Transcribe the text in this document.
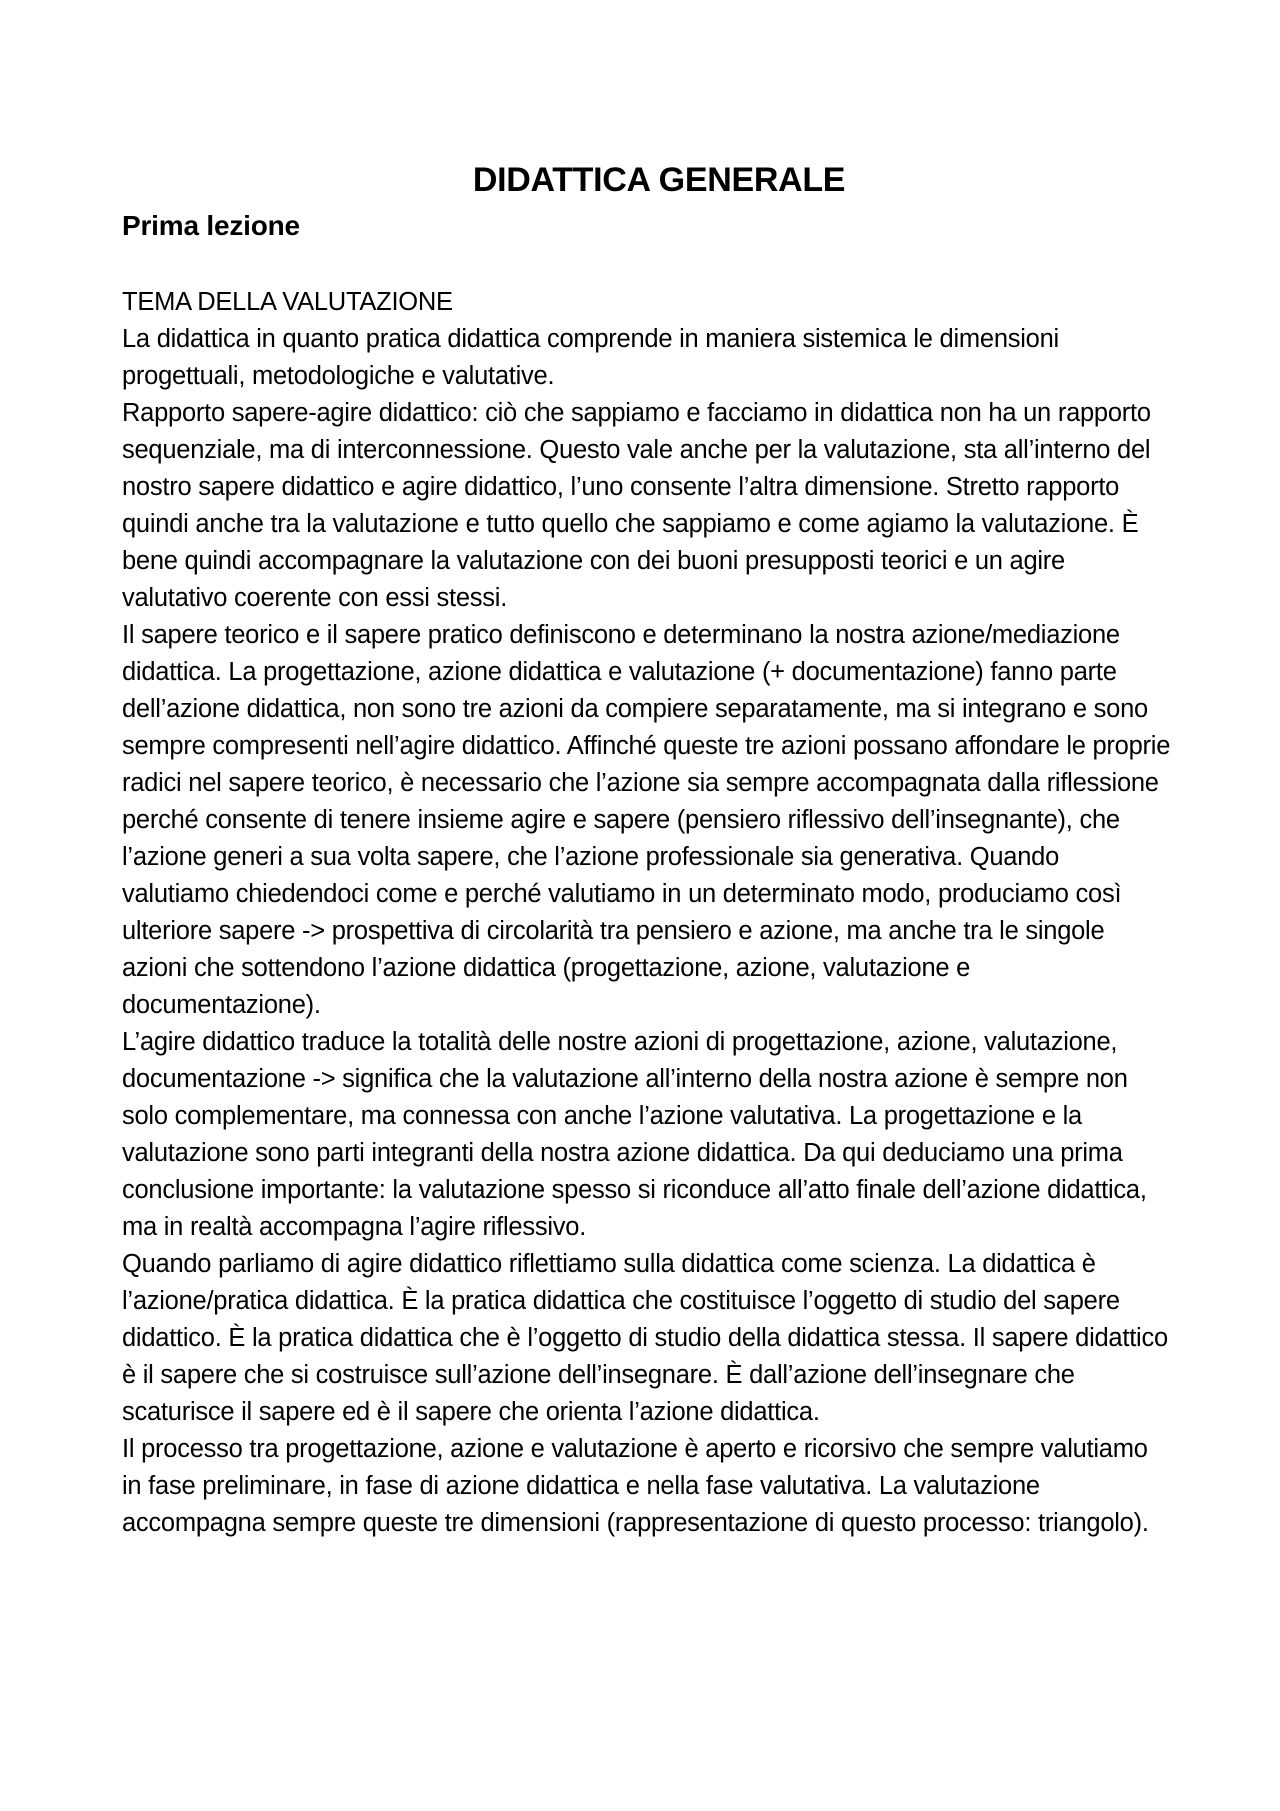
DIDATTICA GENERALE
Prima lezione

TEMA DELLA VALUTAZIONE

La didattica in quanto pratica didattica comprende in maniera sistemica le dimensioni progettuali, metodologiche e valutative.

Rapporto sapere-agire didattico: ciò che sappiamo e facciamo in didattica non ha un rapporto sequenziale, ma di interconnessione. Questo vale anche per la valutazione, sta all’interno del nostro sapere didattico e agire didattico, l’uno consente l’altra dimensione. Stretto rapporto quindi anche tra la valutazione e tutto quello che sappiamo e come agiamo la valutazione. È bene quindi accompagnare la valutazione con dei buoni presupposti teorici e un agire valutativo coerente con essi stessi.

Il sapere teorico e il sapere pratico definiscono e determinano la nostra azione/mediazione didattica. La progettazione, azione didattica e valutazione (+ documentazione) fanno parte dell’azione didattica, non sono tre azioni da compiere separatamente, ma si integrano e sono sempre compresenti nell’agire didattico. Affinché queste tre azioni possano affondare le proprie radici nel sapere teorico, è necessario che l’azione sia sempre accompagnata dalla riflessione perché consente di tenere insieme agire e sapere (pensiero riflessivo dell’insegnante), che l’azione generi a sua volta sapere, che l’azione professionale sia generativa. Quando valutiamo chiedendoci come e perché valutiamo in un determinato modo, produciamo così ulteriore sapere -> prospettiva di circolarità tra pensiero e azione, ma anche tra le singole azioni che sottendono l’azione didattica (progettazione, azione, valutazione e documentazione).

L’agire didattico traduce la totalità delle nostre azioni di progettazione, azione, valutazione, documentazione -> significa che la valutazione all’interno della nostra azione è sempre non solo complementare, ma connessa con anche l’azione valutativa. La progettazione e la valutazione sono parti integranti della nostra azione didattica. Da qui deduciamo una prima conclusione importante: la valutazione spesso si riconduce all’atto finale dell’azione didattica, ma in realtà accompagna l’agire riflessivo.

Quando parliamo di agire didattico riflettiamo sulla didattica come scienza. La didattica è l’azione/pratica didattica. È la pratica didattica che costituisce l’oggetto di studio del sapere didattico. È la pratica didattica che è l’oggetto di studio della didattica stessa. Il sapere didattico è il sapere che si costruisce sull’azione dell’insegnare. È dall’azione dell’insegnare che scaturisce il sapere ed è il sapere che orienta l’azione didattica.

Il processo tra progettazione, azione e valutazione è aperto e ricorsivo che sempre valutiamo in fase preliminare, in fase di azione didattica e nella fase valutativa. La valutazione accompagna sempre queste tre dimensioni (rappresentazione di questo processo: triangolo).
